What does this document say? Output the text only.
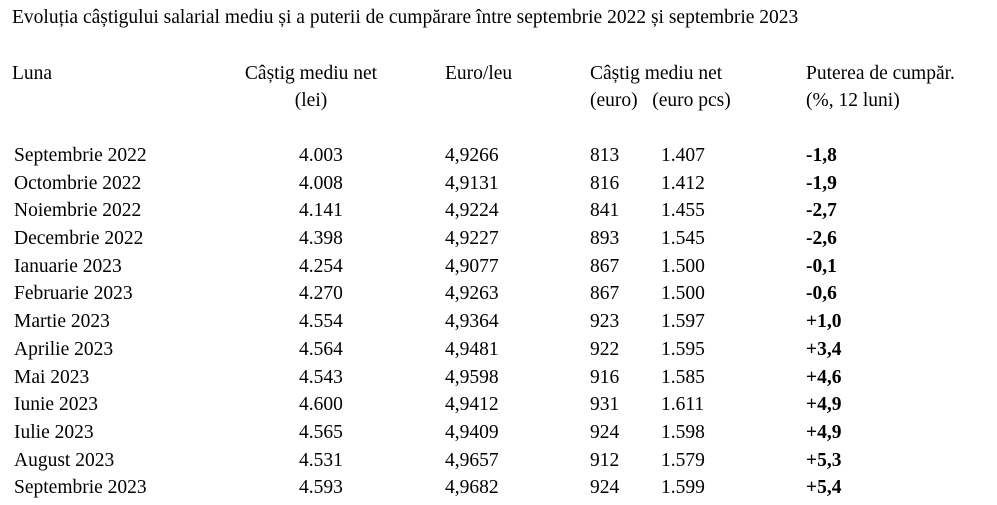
Evoluția câștigului salarial mediu și a puterii de cumpărare între septembrie 2022 și septembrie 2023
Luna	Câștig mediu net
(lei)
Euro/leu	Câștig mediu net
(euro)   (euro pcs)
Puterea de cumpăr.
(%, 12 luni)
Septembrie 2022	4.003	4,9266	813 1.407	-1,8
Octombrie 2022	4.008	4,9131	816 1.412	-1,9
Noiembrie 2022	4.141	4,9224	841 1.455	-2,7
Decembrie 2022	4.398	4,9227	893 1.545	-2,6
Ianuarie 2023	4.254	4,9077	867 1.500	-0,1
Februarie 2023	4.270	4,9263	867 1.500	-0,6
Martie 2023	4.554	4,9364	923 1.597	+1,0
Aprilie 2023	4.564	4,9481	922 1.595	+3,4
Mai 2023	4.543	4,9598	916 1.585	+4,6
Iunie 2023	4.600	4,9412	931 1.611	+4,9
Iulie 2023	4.565	4,9409	924 1.598	+4,9
August 2023	4.531	4,9657	912 1.579	+5,3
Septembrie 2023	4.593	4,9682	924 1.599	+5,4
